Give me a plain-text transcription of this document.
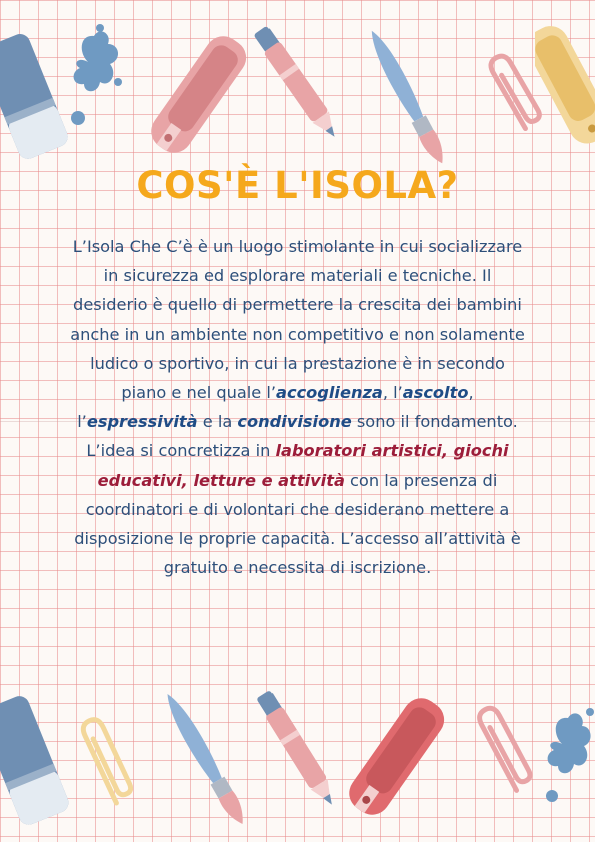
COS'È L'ISOLA?

L’Isola Che C’è è un luogo stimolante in cui socializzare in sicurezza ed esplorare materiali e tecniche. Il desiderio è quello di permettere la crescita dei bambini anche in un ambiente non competitivo e non solamente ludico o sportivo, in cui la prestazione è in secondo piano e nel quale l’accoglienza, l’ascolto, l’espressività e la condivisione sono il fondamento.

L’idea si concretizza in laboratori artistici, giochi educativi, letture e attività con la presenza di coordinatori e di volontari che desiderano mettere a disposizione le proprie capacità. L’accesso all’attività è gratuito e necessita di iscrizione.
